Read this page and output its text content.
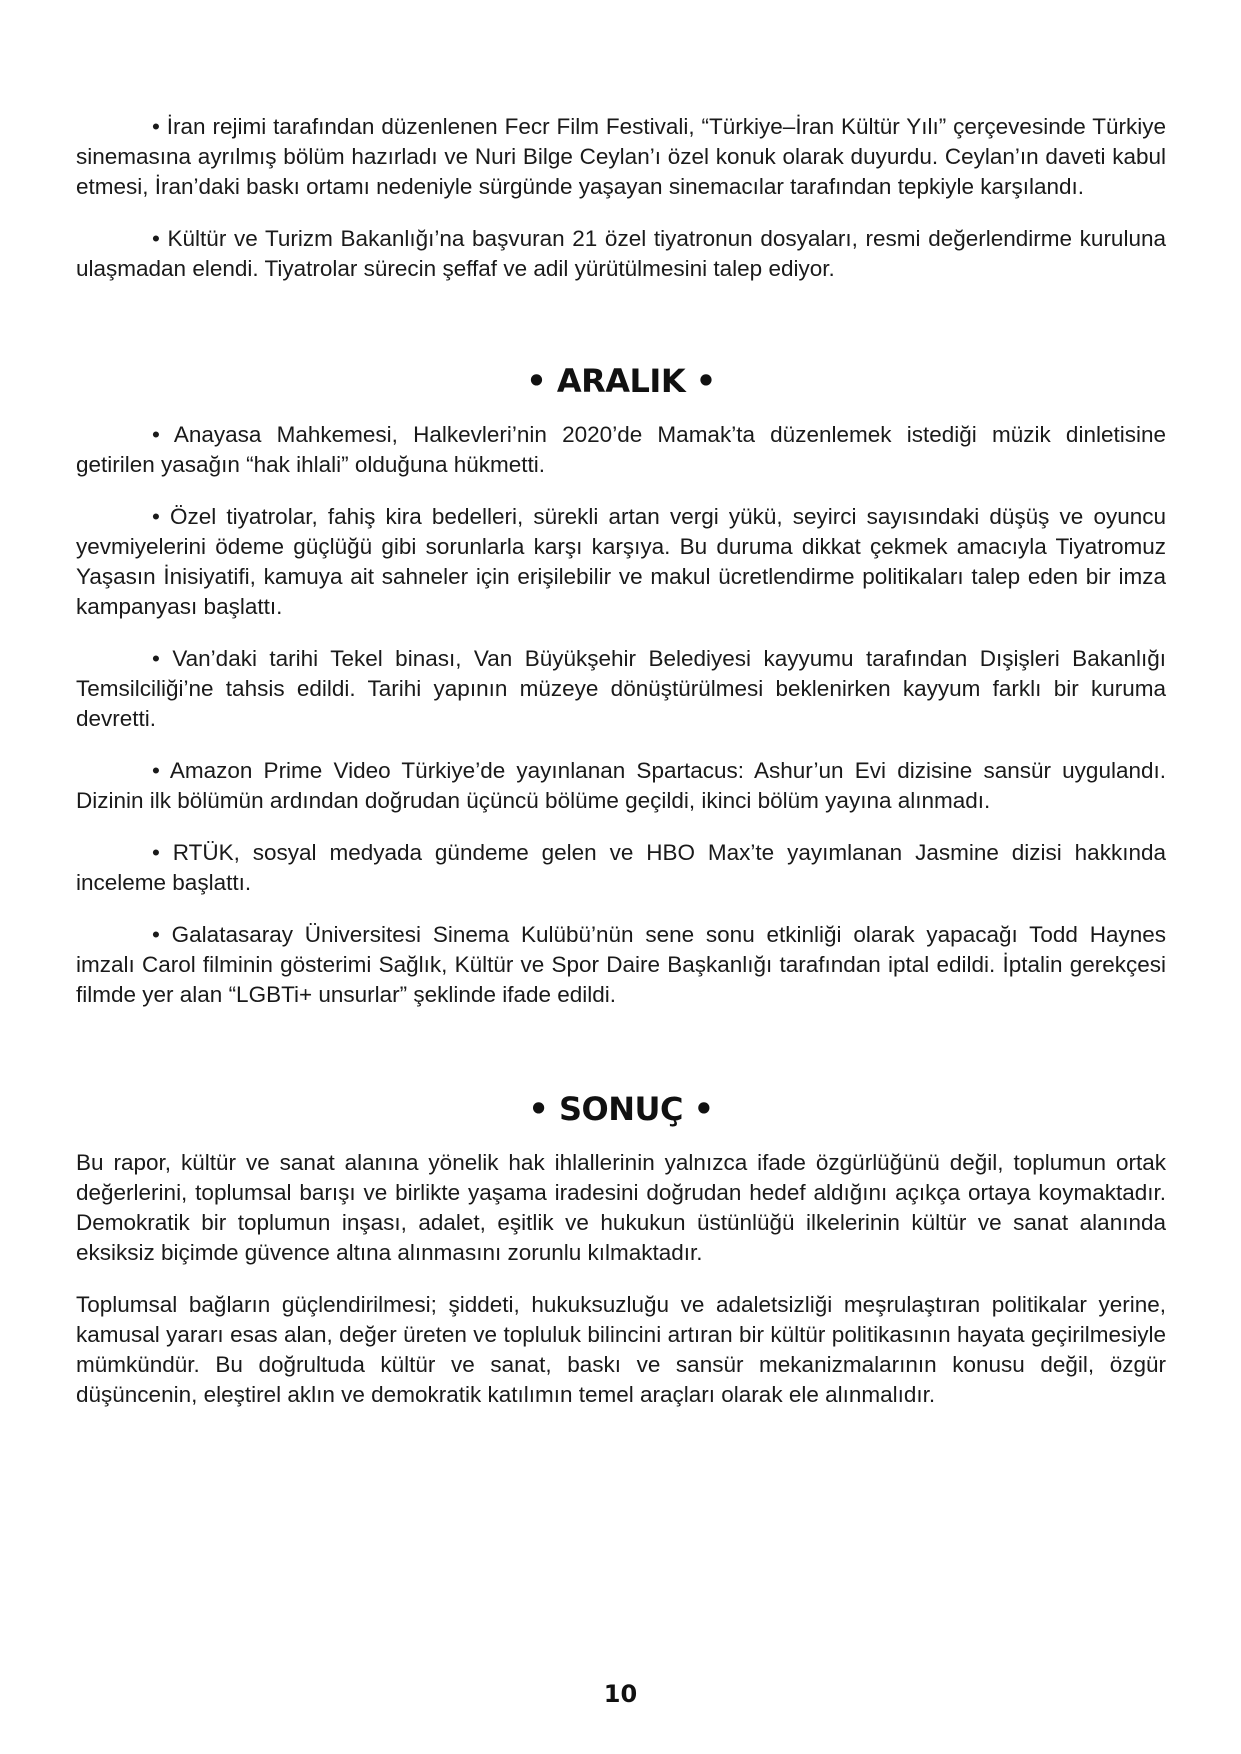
• İran rejimi tarafından düzenlenen Fecr Film Festivali, “Türkiye–İran Kültür Yılı” çerçevesinde Türkiye sinemasına ayrılmış bölüm hazırladı ve Nuri Bilge Ceylan’ı özel konuk olarak duyurdu. Ceylan’ın daveti kabul etmesi, İran’daki baskı ortamı nedeniyle sürgünde yaşayan sinemacılar tarafından tepkiyle karşılandı.

• Kültür ve Turizm Bakanlığı’na başvuran 21 özel tiyatronun dosyaları, resmi değerlendirme kuruluna ulaşmadan elendi. Tiyatrolar sürecin şeffaf ve adil yürütülmesini talep ediyor.

• ARALIK •

• Anayasa Mahkemesi, Halkevleri’nin 2020’de Mamak’ta düzenlemek istediği müzik dinletisine getirilen yasağın “hak ihlali” olduğuna hükmetti.

• Özel tiyatrolar, fahiş kira bedelleri, sürekli artan vergi yükü, seyirci sayısındaki düşüş ve oyuncu yevmiyelerini ödeme güçlüğü gibi sorunlarla karşı karşıya. Bu duruma dikkat çekmek amacıyla Tiyatromuz Yaşasın İnisiyatifi, kamuya ait sahneler için erişilebilir ve makul ücretlendirme politikaları talep eden bir imza kampanyası başlattı.

• Van’daki tarihi Tekel binası, Van Büyükşehir Belediyesi kayyumu tarafından Dışişleri Bakanlığı Temsilciliği’ne tahsis edildi. Tarihi yapının müzeye dönüştürülmesi beklenirken kayyum farklı bir kuruma devretti.

• Amazon Prime Video Türkiye’de yayınlanan Spartacus: Ashur’un Evi dizisine sansür uygulandı. Dizinin ilk bölümün ardından doğrudan üçüncü bölüme geçildi, ikinci bölüm yayına alınmadı.

• RTÜK, sosyal medyada gündeme gelen ve HBO Max’te yayımlanan Jasmine dizisi hakkında inceleme başlattı.

• Galatasaray Üniversitesi Sinema Kulübü’nün sene sonu etkinliği olarak yapacağı Todd Haynes imzalı Carol filminin gösterimi Sağlık, Kültür ve Spor Daire Başkanlığı tarafından iptal edildi. İptalin gerekçesi filmde yer alan “LGBTi+ unsurlar” şeklinde ifade edildi.

• SONUÇ •

Bu rapor, kültür ve sanat alanına yönelik hak ihlallerinin yalnızca ifade özgürlüğünü değil, toplumun ortak değerlerini, toplumsal barışı ve birlikte yaşama iradesini doğrudan hedef aldığını açıkça ortaya koymaktadır. Demokratik bir toplumun inşası, adalet, eşitlik ve hukukun üstünlüğü ilkelerinin kültür ve sanat alanında eksiksiz biçimde güvence altına alınmasını zorunlu kılmaktadır.

Toplumsal bağların güçlendirilmesi; şiddeti, hukuksuzluğu ve adaletsizliği meşrulaştıran politikalar yerine, kamusal yararı esas alan, değer üreten ve topluluk bilincini artıran bir kültür politikasının hayata geçirilmesiyle mümkündür. Bu doğrultuda kültür ve sanat, baskı ve sansür mekanizmalarının konusu değil, özgür düşüncenin, eleştirel aklın ve demokratik katılımın temel araçları olarak ele alınmalıdır.

10
